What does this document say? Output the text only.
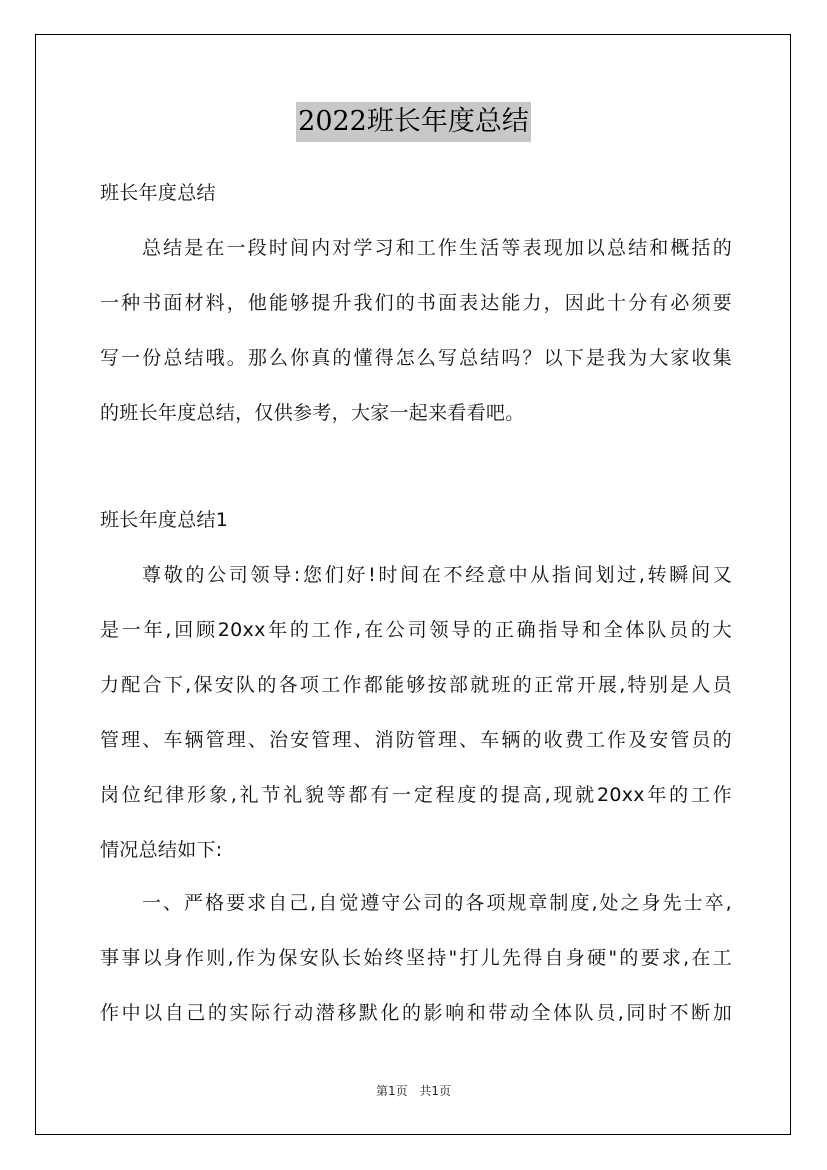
2022班长年度总结
班长年度总结
总结是在一段时间内对学习和工作生活等表现加以总结和概括的
一种书面材料，他能够提升我们的书面表达能力，因此十分有必须要
写一份总结哦。那么你真的懂得怎么写总结吗？以下是我为大家收集
的班长年度总结，仅供参考，大家一起来看看吧。
班长年度总结1
尊敬的公司领导:您们好!时间在不经意中从指间划过,转瞬间又
是一年,回顾20xx年的工作,在公司领导的正确指导和全体队员的大
力配合下,保安队的各项工作都能够按部就班的正常开展,特别是人员
管理、车辆管理、治安管理、消防管理、车辆的收费工作及安管员的
岗位纪律形象,礼节礼貌等都有一定程度的提高,现就20xx年的工作
情况总结如下:
一、严格要求自己,自觉遵守公司的各项规章制度,处之身先士卒,
事事以身作则,作为保安队长始终坚持"打儿先得自身硬"的要求,在工
作中以自己的实际行动潜移默化的影响和带动全体队员,同时不断加
第1页 共1页
